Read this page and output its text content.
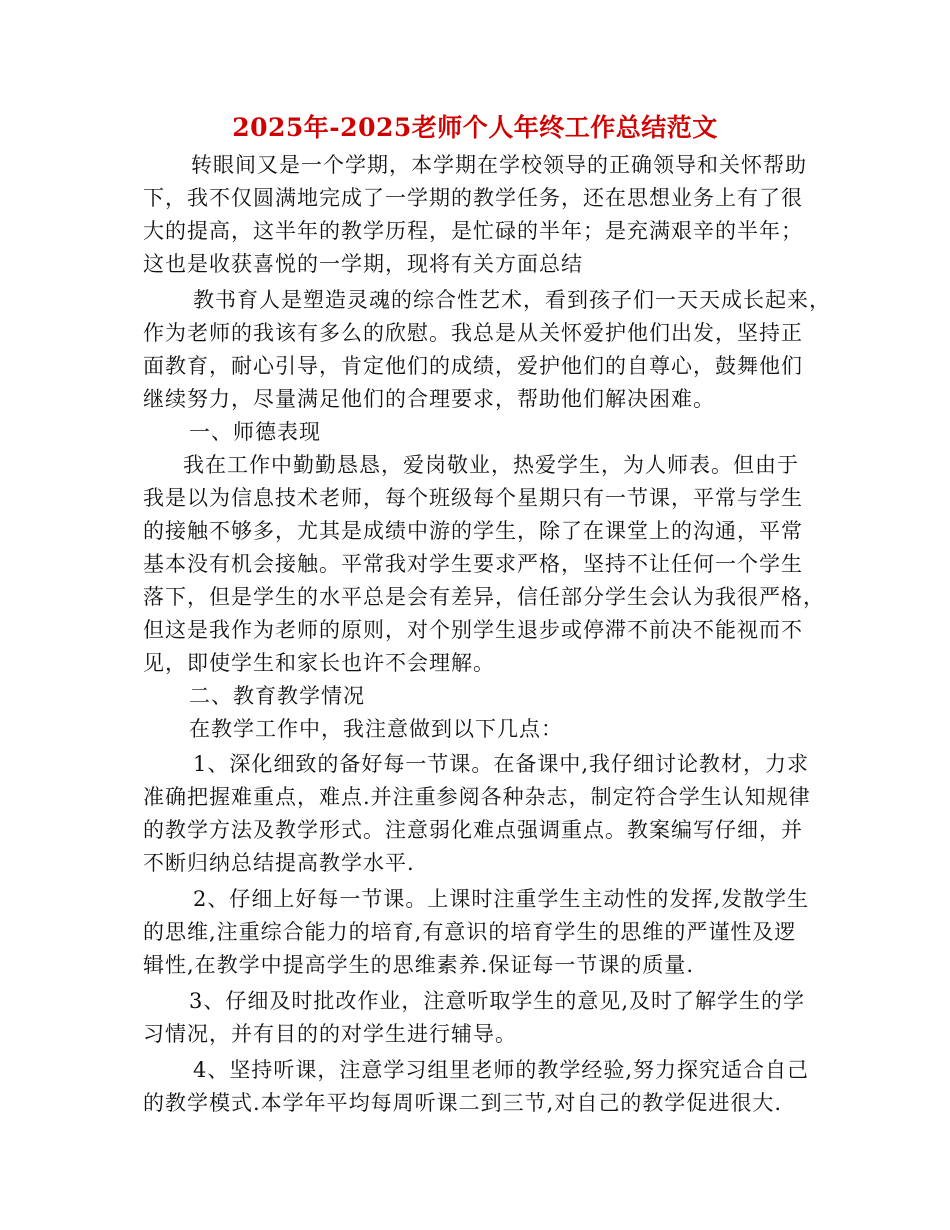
2025年-2025老师个人年终工作总结范文
转眼间又是一个学期，本学期在学校领导的正确领导和关怀帮助
下，我不仅圆满地完成了一学期的教学任务，还在思想业务上有了很
大的提高，这半年的教学历程，是忙碌的半年；是充满艰辛的半年；
这也是收获喜悦的一学期，现将有关方面总结
教书育人是塑造灵魂的综合性艺术，看到孩子们一天天成长起来，
作为老师的我该有多么的欣慰。我总是从关怀爱护他们出发，坚持正
面教育，耐心引导，肯定他们的成绩，爱护他们的自尊心，鼓舞他们
继续努力，尽量满足他们的合理要求，帮助他们解决困难。
一、师德表现
我在工作中勤勤恳恳，爱岗敬业，热爱学生，为人师表。但由于
我是以为信息技术老师，每个班级每个星期只有一节课，平常与学生
的接触不够多，尤其是成绩中游的学生，除了在课堂上的沟通，平常
基本没有机会接触。平常我对学生要求严格，坚持不让任何一个学生
落下，但是学生的水平总是会有差异，信任部分学生会认为我很严格，
但这是我作为老师的原则，对个别学生退步或停滞不前决不能视而不
见，即使学生和家长也许不会理解。
二、教育教学情况
在教学工作中，我注意做到以下几点：
1、深化细致的备好每一节课。在备课中,我仔细讨论教材，力求
准确把握难重点，难点.并注重参阅各种杂志，制定符合学生认知规律
的教学方法及教学形式。注意弱化难点强调重点。教案编写仔细，并
不断归纳总结提高教学水平.
2、仔细上好每一节课。上课时注重学生主动性的发挥,发散学生
的思维,注重综合能力的培育,有意识的培育学生的思维的严谨性及逻
辑性,在教学中提高学生的思维素养.保证每一节课的质量.
3、仔细及时批改作业，注意听取学生的意见,及时了解学生的学
习情况，并有目的的对学生进行辅导。
4、坚持听课，注意学习组里老师的教学经验,努力探究适合自己
的教学模式.本学年平均每周听课二到三节,对自己的教学促进很大.
